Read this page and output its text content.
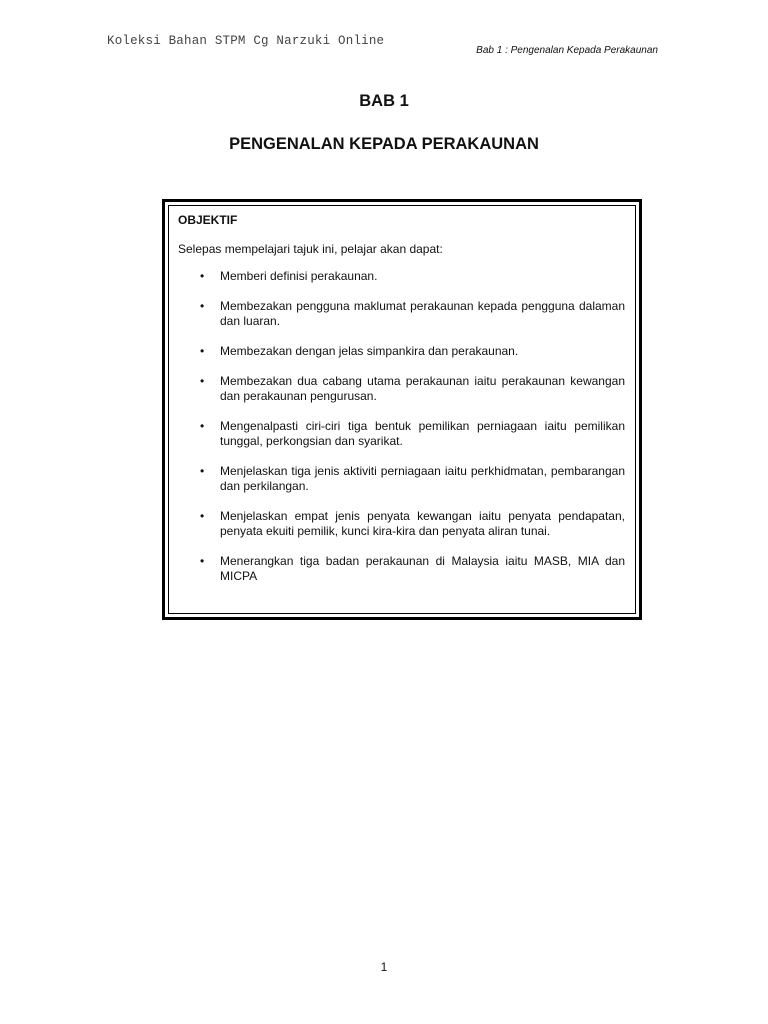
Koleksi Bahan STPM Cg Narzuki Online
Bab 1 : Pengenalan Kepada Perakaunan
BAB 1
PENGENALAN KEPADA PERAKAUNAN
OBJEKTIF
Selepas mempelajari tajuk ini, pelajar akan dapat:
•	Memberi definisi perakaunan.
•	Membezakan pengguna maklumat perakaunan kepada pengguna dalaman dan luaran.
•	Membezakan dengan jelas simpankira dan perakaunan.
•	Membezakan dua cabang utama perakaunan iaitu perakaunan kewangan dan perakaunan pengurusan.
•	Mengenalpasti ciri-ciri tiga bentuk pemilikan perniagaan iaitu pemilikan tunggal, perkongsian dan syarikat.
•	Menjelaskan tiga jenis aktiviti perniagaan iaitu perkhidmatan, pembarangan dan perkilangan.
•	Menjelaskan empat jenis penyata kewangan iaitu penyata pendapatan, penyata ekuiti pemilik, kunci kira-kira dan penyata aliran tunai.
•	Menerangkan tiga badan perakaunan di Malaysia iaitu MASB, MIA dan MICPA
1
